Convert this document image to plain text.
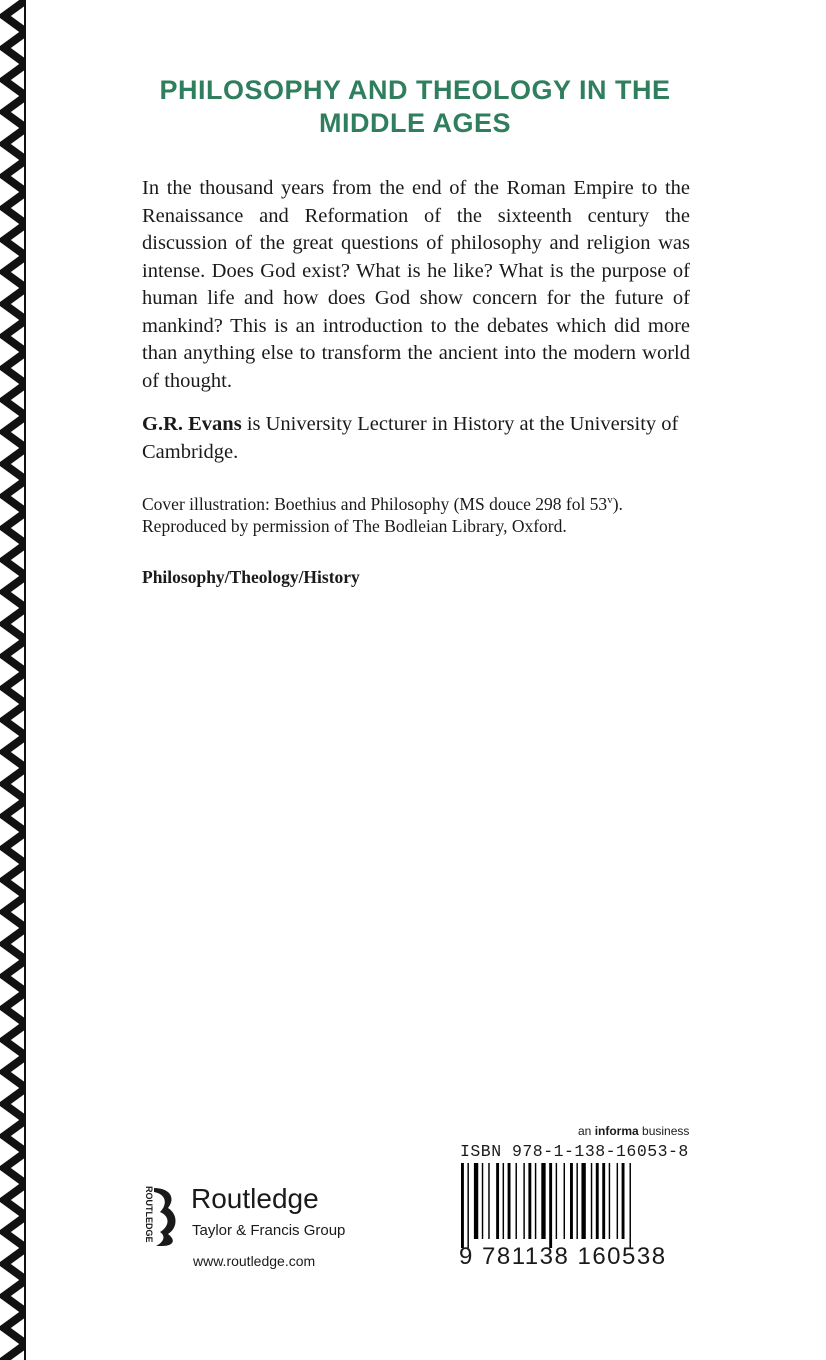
PHILOSOPHY AND THEOLOGY IN THE MIDDLE AGES

In the thousand years from the end of the Roman Empire to the Renaissance and Reformation of the sixteenth century the discussion of the great questions of philosophy and religion was intense. Does God exist? What is he like? What is the purpose of human life and how does God show concern for the future of mankind? This is an introduction to the debates which did more than anything else to transform the ancient into the modern world of thought.

G.R. Evans is University Lecturer in History at the University of Cambridge.

Cover illustration: Boethius and Philosophy (MS douce 298 fol 53$^v$).
Reproduced by permission of The Bodleian Library, Oxford.

Philosophy/Theology/History

an informa business
ISBN 978-1-138-16053-8
9 781138 160538
ROUTLEDGE Routledge
Taylor & Francis Group
www.routledge.com
